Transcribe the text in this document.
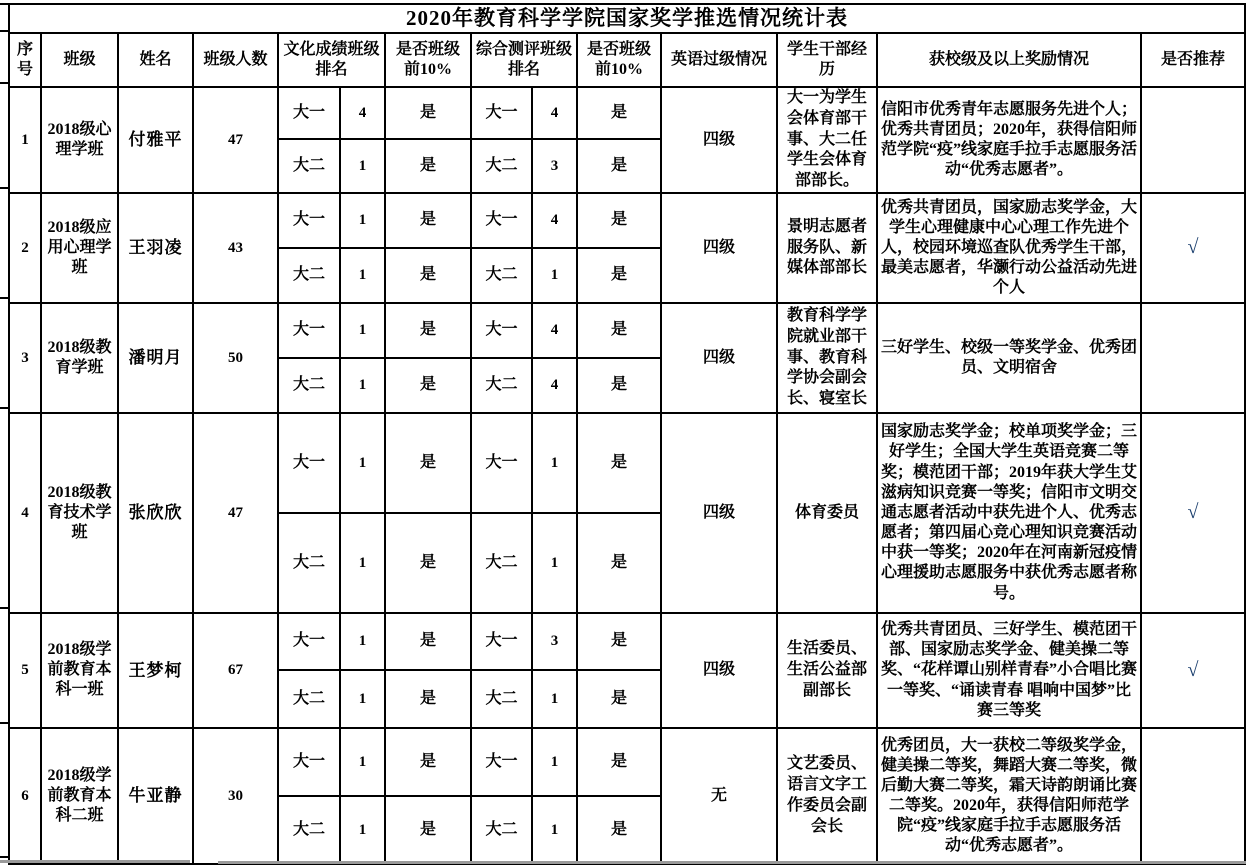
2020年教育科学学院国家奖学推选情况统计表													
序号	班级	姓名	班级人数	文化成绩班级排名		是否班级前10%	综合测评班级排名		是否班级前10%	英语过级情况	学生干部经历	获校级及以上奖励情况	是否推荐
1	2018级心理学班	付雅平	47	大一	4	是	大一	4	是	四级	大一为学生会体育部干事、大二任学生会体育部部长。	信阳市优秀青年志愿服务先进个人；优秀共青团员；2020年，获得信阳师范学院“疫”线家庭手拉手志愿服务活动“优秀志愿者”。	
				大二	1	是	大二	3	是				
2	2018级应用心理学班	王羽凌	43	大一	1	是	大一	4	是	四级	景明志愿者服务队、新媒体部部长	优秀共青团员，国家励志奖学金，大学生心理健康中心心理工作先进个人，校园环境巡查队优秀学生干部，最美志愿者，华灏行动公益活动先进个人	√
				大二	1	是	大二	1	是				
3	2018级教育学班	潘明月	50	大一	1	是	大一	4	是	四级	教育科学学院就业部干事、教育科学协会副会长、寝室长	三好学生、校级一等奖学金、优秀团员、文明宿舍	
				大二	1	是	大二	4	是				
4	2018级教育技术学班	张欣欣	47	大一	1	是	大一	1	是	四级	体育委员	国家励志奖学金；校单项奖学金；三好学生；全国大学生英语竞赛二等奖；模范团干部；2019年获大学生艾滋病知识竞赛一等奖；信阳市文明交通志愿者活动中获先进个人、优秀志愿者；第四届心竞心理知识竞赛活动中获一等奖；2020年在河南新冠疫情心理援助志愿服务中获优秀志愿者称号。	√
				大二	1	是	大二	1	是				
5	2018级学前教育本科一班	王梦柯	67	大一	1	是	大一	3	是	四级	生活委员、生活公益部副部长	优秀共青团员、三好学生、模范团干部、国家励志奖学金、健美操二等奖、“花样谭山别样青春”小合唱比赛一等奖、“诵读青春 唱响中国梦”比赛三等奖	√
				大二	1	是	大二	1	是				
6	2018级学前教育本科二班	牛亚静	30	大一	1	是	大一	1	是	无	文艺委员、语言文字工作委员会副会长	优秀团员，大一获校二等级奖学金，健美操二等奖，舞蹈大赛二等奖，微后勤大赛二等奖，霜天诗韵朗诵比赛二等奖。2020年，获得信阳师范学院“疫”线家庭手拉手志愿服务活动“优秀志愿者”。	
				大二	1	是	大二	1	是				
